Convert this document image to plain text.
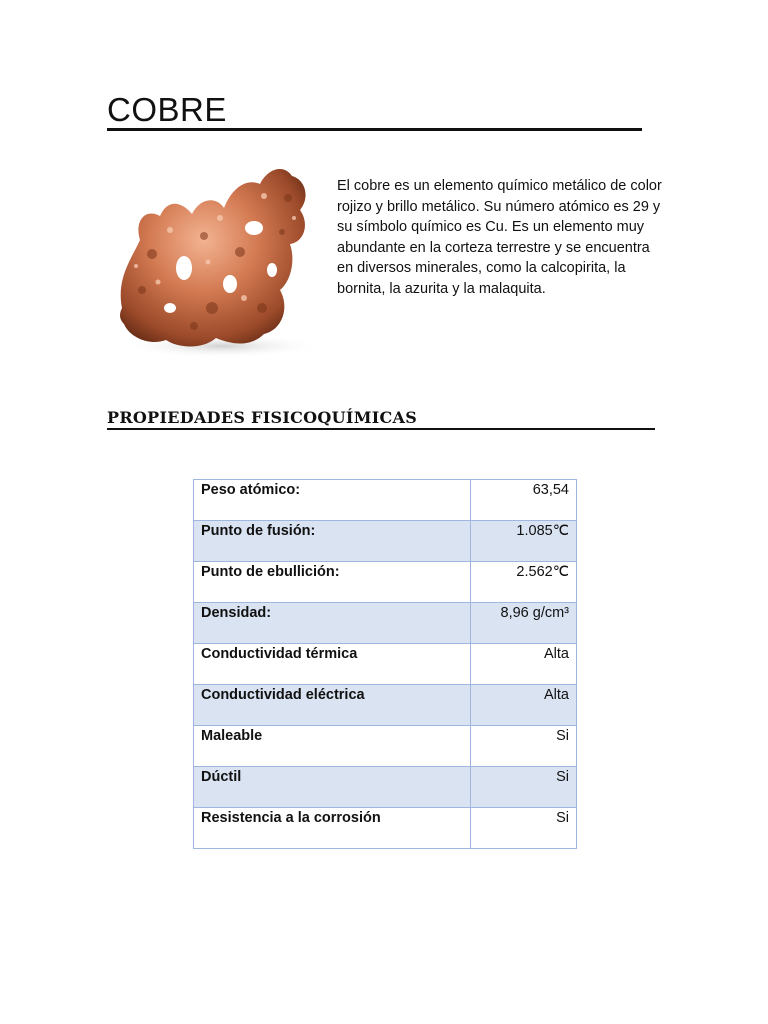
COBRE

El cobre es un elemento químico metálico de color rojizo y brillo metálico. Su número atómico es 29 y su símbolo químico es Cu. Es un elemento muy abundante en la corteza terrestre y se encuentra en diversos minerales, como la calcopirita, la bornita, la azurita y la malaquita.

PROPIEDADES FISICOQUÍMICAS
Peso atómico:	63,54
Punto de fusión:	1.085℃
Punto de ebullición:	2.562℃
Densidad:	8,96 g/cm³
Conductividad térmica	Alta
Conductividad eléctrica	Alta
Maleable	Si
Dúctil	Si
Resistencia a la corrosión	Si
